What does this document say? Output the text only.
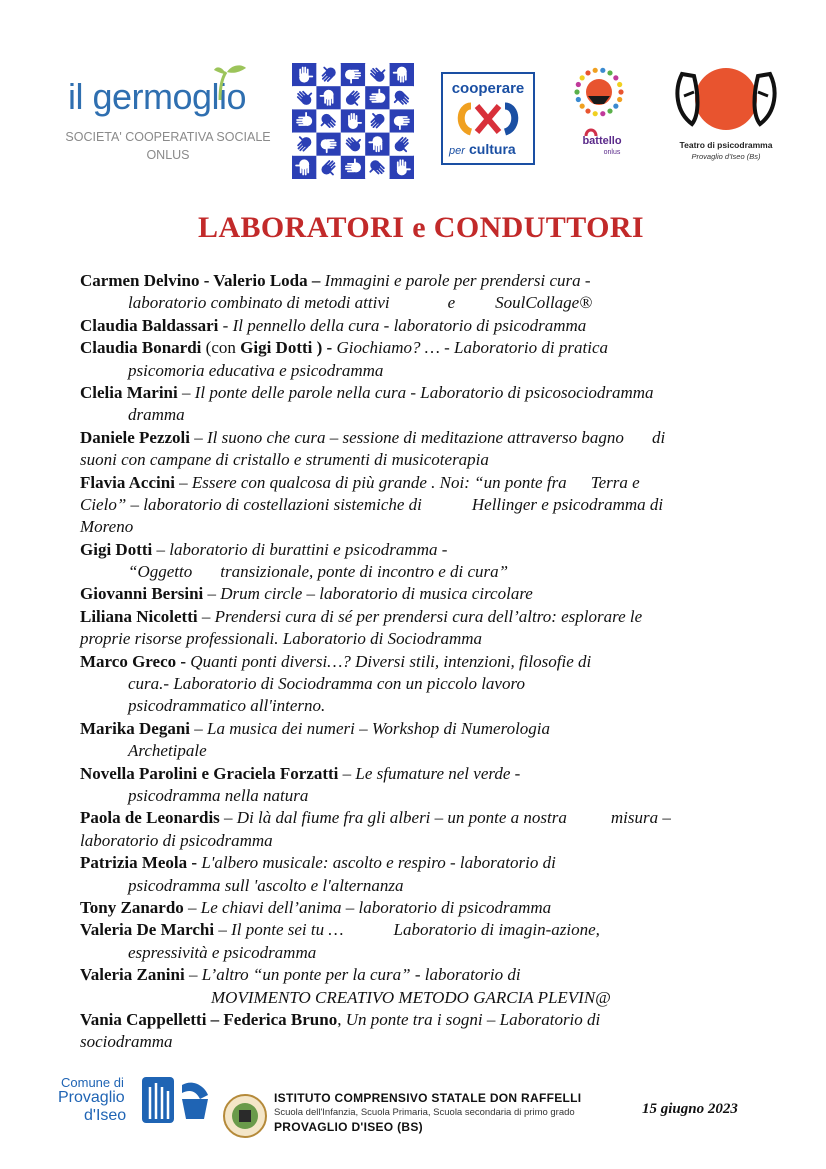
il germoglio
SOCIETA' COOPERATIVA SOCIALE
ONLUS
cooperare
per cultura	battello
onlus
Teatro di psicodramma
Provaglio d'Iseo (Bs)
LABORATORI e CONDUTTORI
Carmen Delvino - Valerio Loda – Immagini e parole per prendersi cura -
laboratorio combinato di metodi attivi	e SoulCollage®
Claudia Baldassari - Il pennello della cura - laboratorio di psicodramma
Claudia Bonardi (con Gigi Dotti ) - Giochiamo? … - Laboratorio di pratica
psicomoria educativa e psicodramma
Clelia Marini – Il ponte delle parole nella cura - Laboratorio di psicosociodramma
dramma
Daniele Pezzoli – Il suono che cura – sessione di meditazione attraverso bagno di
suoni con campane di cristallo e strumenti di musicoterapia
Flavia Accini – Essere con qualcosa di più grande . Noi: “un ponte fra Terra e
Cielo” – laboratorio di costellazioni sistemiche di	Hellinger e psicodramma di
Moreno
Gigi Dotti – laboratorio di burattini e psicodramma -
“Oggetto transizionale, ponte di incontro e di cura”
Giovanni Bersini – Drum circle – laboratorio di musica circolare
Liliana Nicoletti – Prendersi cura di sé per prendersi cura dell’altro: esplorare le
proprie risorse professionali. Laboratorio di Sociodramma
Marco Greco - Quanti ponti diversi…? Diversi stili, intenzioni, filosofie di
cura.- Laboratorio di Sociodramma con un piccolo lavoro
psicodrammatico all'interno.
Marika Degani – La musica dei numeri – Workshop di Numerologia
Archetipale
Novella Parolini e Graciela Forzatti – Le sfumature nel verde -
psicodramma nella natura
Paola de Leonardis – Di là dal fiume fra gli alberi – un ponte a nostra	misura –
laboratorio di psicodramma
Patrizia Meola - L'albero musicale: ascolto e respiro - laboratorio di
psicodramma sull 'ascolto e l'alternanza
Tony Zanardo – Le chiavi dell’anima – laboratorio di psicodramma
Valeria De Marchi – Il ponte sei tu …	Laboratorio di imagin-azione,
espressività e psicodramma
Valeria Zanini – L’altro “un ponte per la cura” - laboratorio di
MOVIMENTO CREATIVO METODO GARCIA PLEVIN@
Vania Cappelletti – Federica Bruno, Un ponte tra i sogni – Laboratorio di
sociodramma
Comune di
Provaglio
d'Iseo
ISTITUTO COMPRENSIVO STATALE DON RAFFELLI
Scuola dell'Infanzia, Scuola Primaria, Scuola secondaria di primo grado
PROVAGLIO D'ISEO (BS)
15 giugno 2023
